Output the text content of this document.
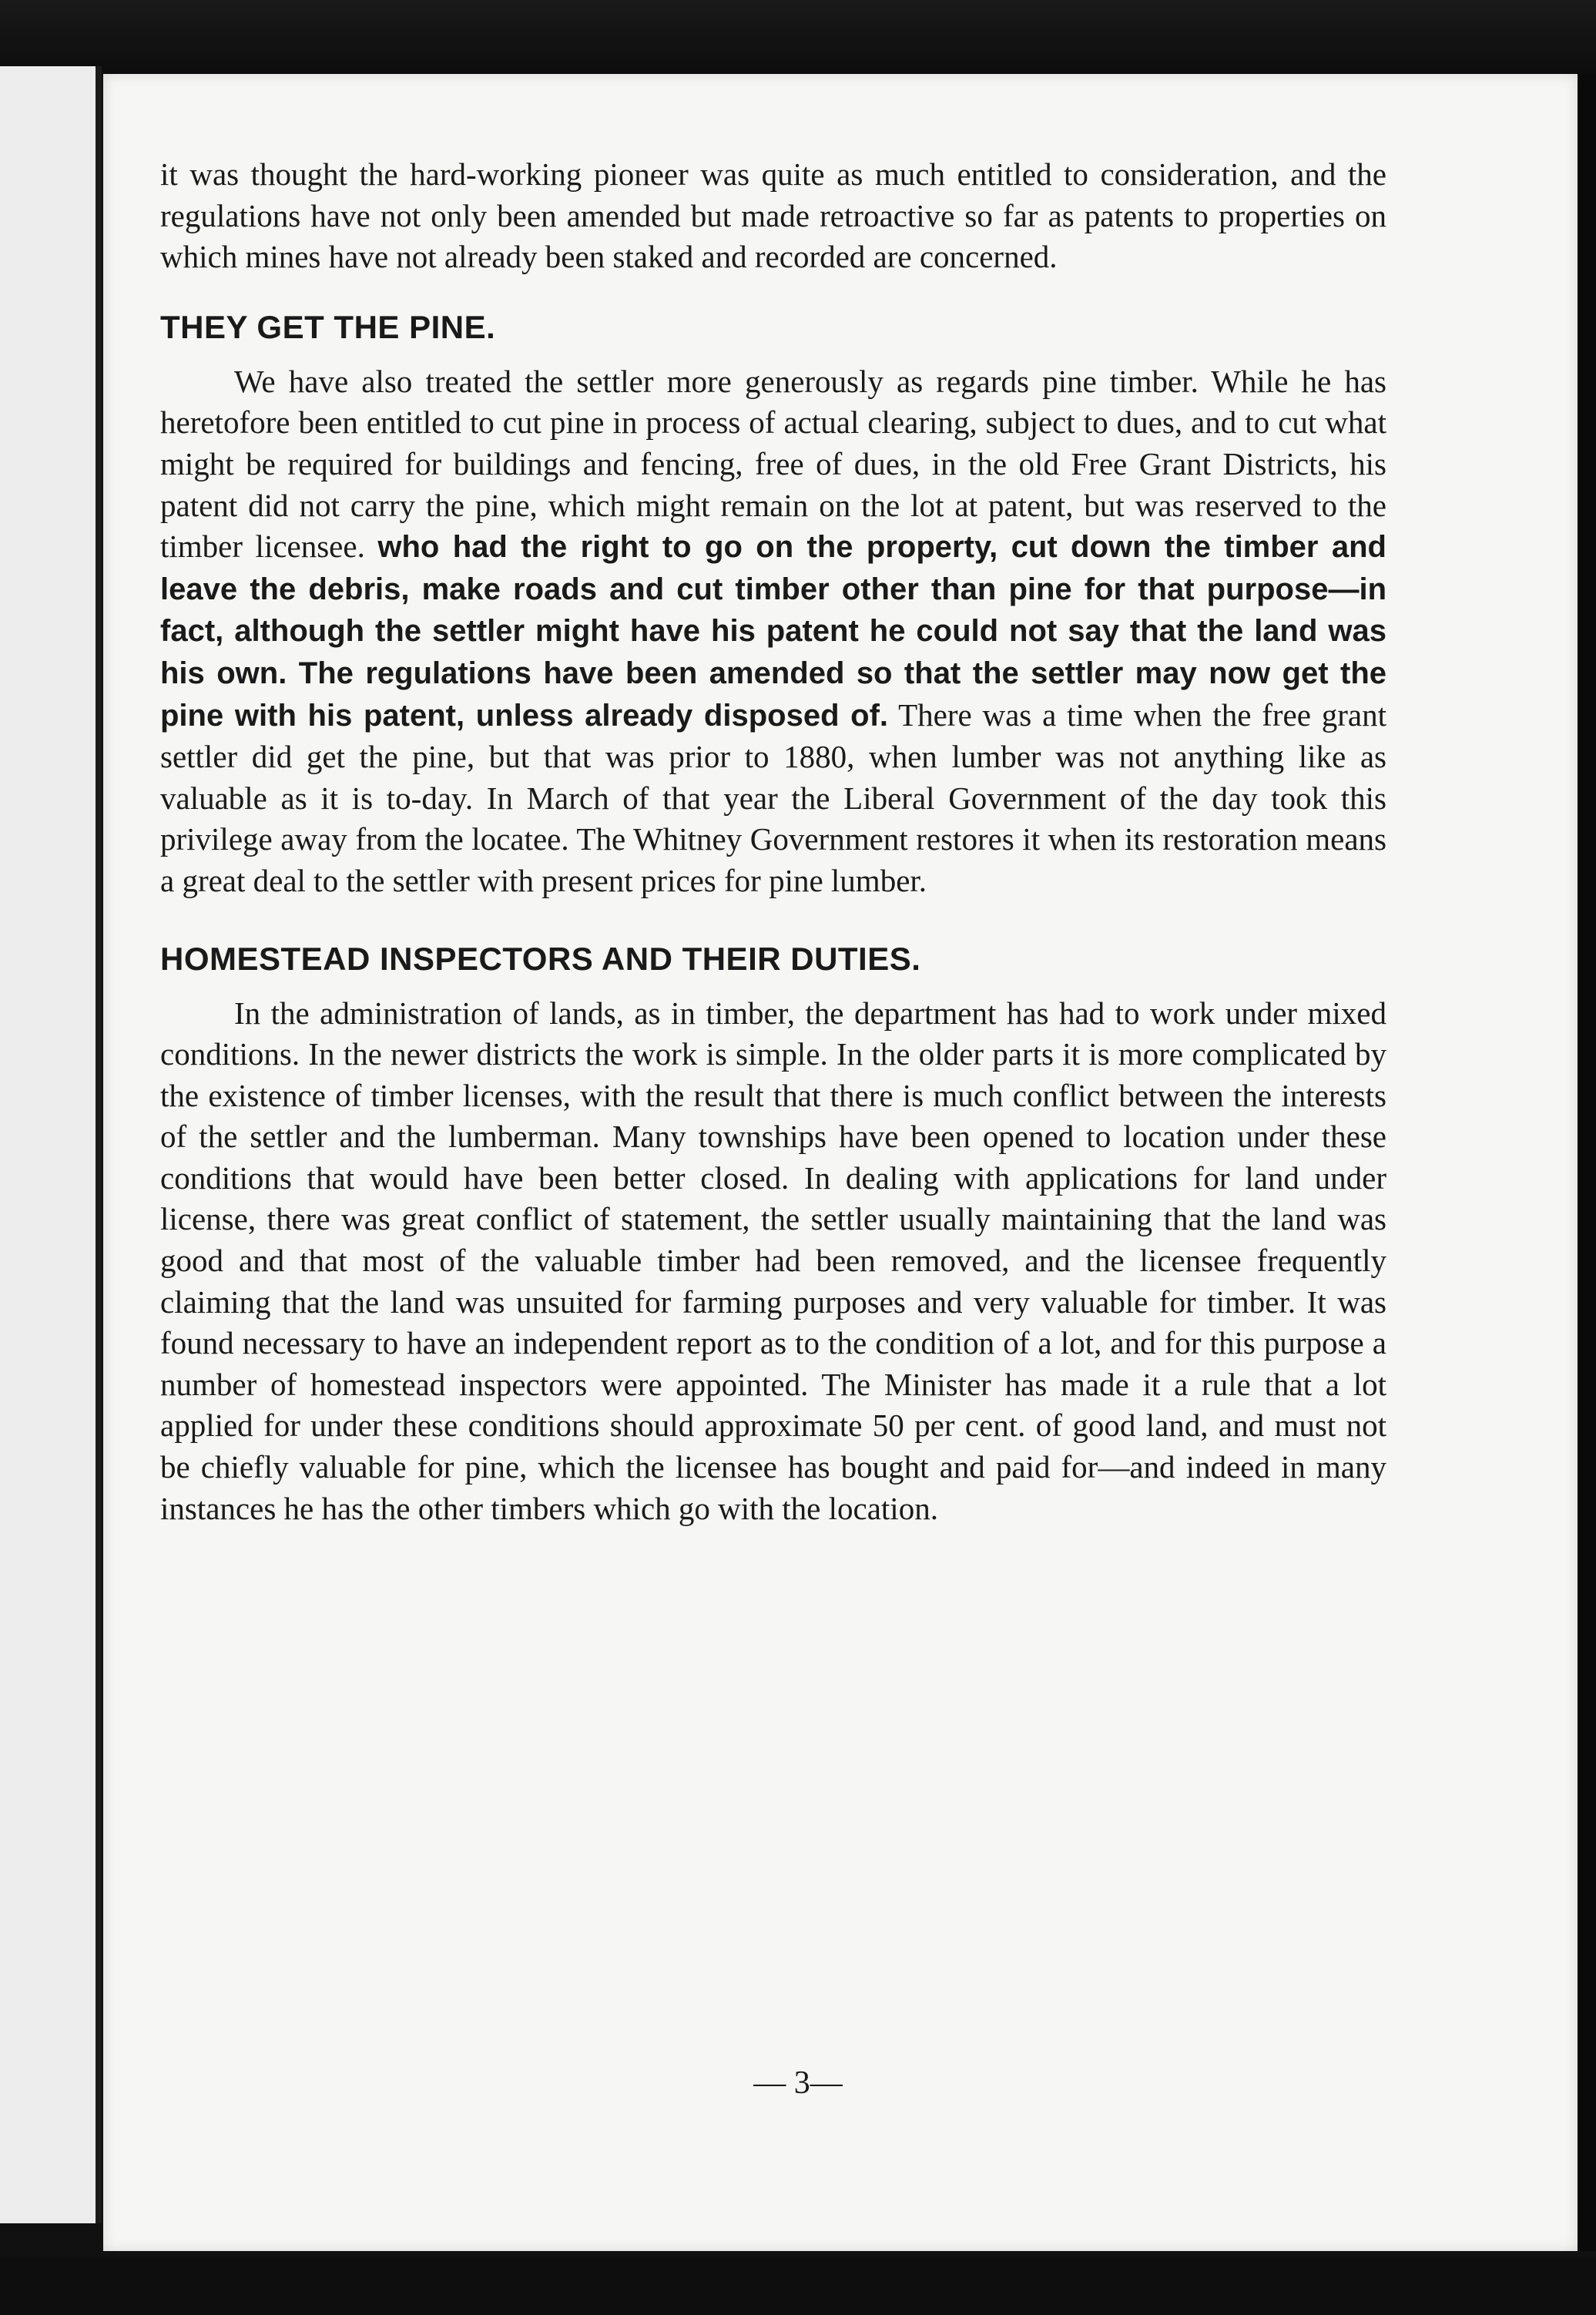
it was thought the hard-working pioneer was quite as much entitled to consideration, and the regulations have not only been amended but made retroactive so far as patents to properties on which mines have not already been staked and recorded are concerned.

THEY GET THE PINE.

We have also treated the settler more generously as regards pine timber. While he has heretofore been entitled to cut pine in process of actual clearing, subject to dues, and to cut what might be required for buildings and fencing, free of dues, in the old Free Grant Districts, his patent did not carry the pine, which might remain on the lot at patent, but was reserved to the timber licensee. who had the right to go on the property, cut down the timber and leave the debris, make roads and cut timber other than pine for that purpose—in fact, although the settler might have his patent he could not say that the land was his own. The regulations have been amended so that the settler may now get the pine with his patent, unless already disposed of. There was a time when the free grant settler did get the pine, but that was prior to 1880, when lumber was not anything like as valuable as it is to-day. In March of that year the Liberal Government of the day took this privilege away from the locatee. The Whitney Government restores it when its restoration means a great deal to the settler with present prices for pine lumber.

HOMESTEAD INSPECTORS AND THEIR DUTIES.

In the administration of lands, as in timber, the department has had to work under mixed conditions. In the newer districts the work is simple. In the older parts it is more complicated by the existence of timber licenses, with the result that there is much conflict between the interests of the settler and the lumberman. Many townships have been opened to location under these conditions that would have been better closed. In dealing with applications for land under license, there was great conflict of statement, the settler usually maintaining that the land was good and that most of the valuable timber had been removed, and the licensee frequently claiming that the land was unsuited for farming purposes and very valuable for timber. It was found necessary to have an independent report as to the condition of a lot, and for this purpose a number of homestead inspectors were appointed. The Minister has made it a rule that a lot applied for under these conditions should approximate 50 per cent. of good land, and must not be chiefly valuable for pine, which the licensee has bought and paid for—and indeed in many instances he has the other timbers which go with the location.

— 3—
